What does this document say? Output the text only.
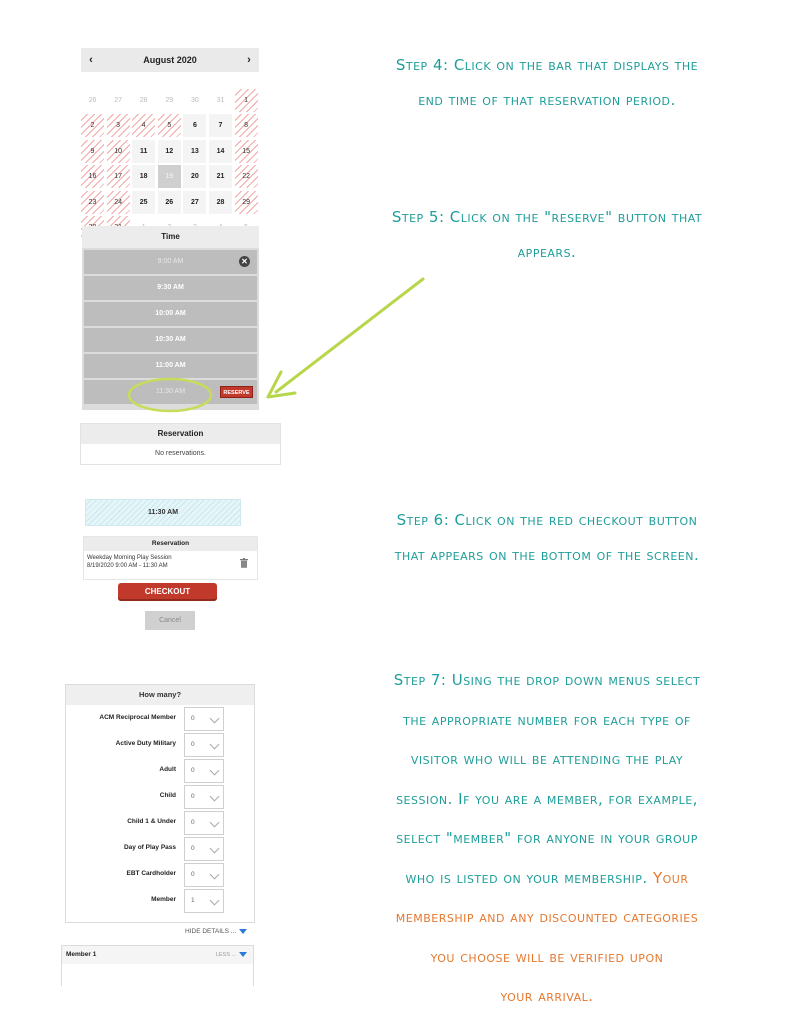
‹	August 2020	›
26	27	28	29	30	31	1
2	3	4	5	6	7	8
9	10	11	12	13	14	15
16	17	18	19	20	21	22
23	24	25	26	27	28	29
Time
9:00 AM	✕
9:30 AM
10:00 AM
10:30 AM
11:00 AM
11:30 AM	RESERVE
Reservation
No reservations.
11:30 AM
Reservation
Weekday Morning Play Session
8/19/2020 9:00 AM - 11:30 AM
CHECKOUT
Cancel
How many?
ACM Reciprocal Member 0
Active Duty Military 0
Adult 0
Child 0
Child 1 & Under 0
Day of Play Pass 0
EBT Cardholder 0
Member 1
HIDE DETAILS ...
Member 1	LESS ...
Step 4: Click on the bar that displays the
end time of that reservation period.
Step 5: Click on the "reserve" button that
appears.
Step 6: Click on the red checkout button
that appears on the bottom of the screen.
Step 7: Using the drop down menus select
the appropriate number for each type of
visitor who will be attending the play
session. If you are a member, for example,
select "member" for anyone in your group
who is listed on your membership. Your
membership and any discounted categories
you choose will be verified upon
your arrival.
